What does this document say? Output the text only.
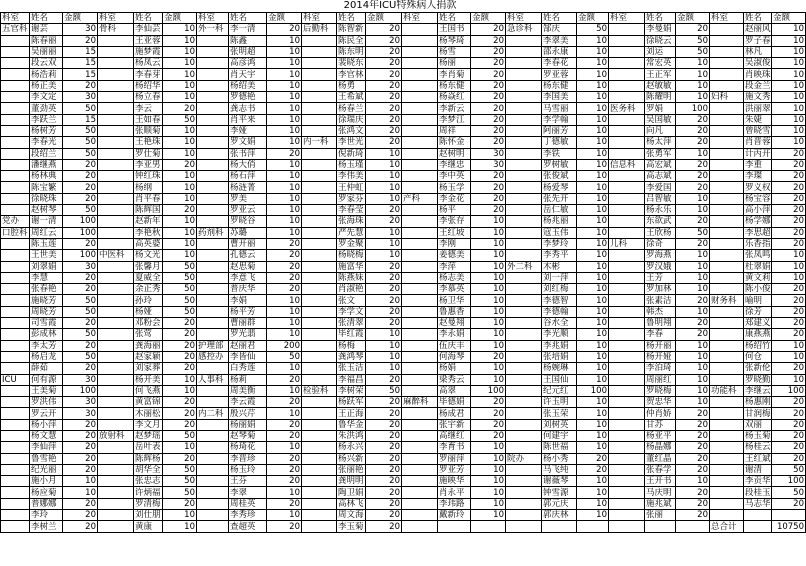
2014年ICU特殊病人捐款
科室	姓名	金额	科室	姓名	金额	科室	姓名	金额	科室	姓名	金额	科室	姓名	金额	科室	姓名	金额	科室	姓名	金额	科室	姓名	金额
五官科	谢芸	30	骨科	李仙芸	10	外一科	李一清	20	后勤科	陈智新	20		王国书	20	急诊科	郜庆	50		李曼娟	20		赵丽风	10
	陈春丽	20		王亚蓉	10		陈鑫	10		陈民全	20		杨琴琦	20		李翠美	10		徐晓云	50		罗子春	10
	吴丽丽	15		施梦霞	10		张明超	10		陈东明	20		杨雪	20		邵永康	10		刘运	50		林凡	10
	段云双	15		杨凤云	10		高彦鸿	10		裴晓东	20		杨丽	20		李春花	10		常宏英	10		吴淑俊	10
	杨浩莉	15		李春芽	10		肖天宇	10		李官林	20		李肖菊	20		罗亚蓉	10		王正军	10		肖映珠	10
	杨正美	20		杨绍华	10		杨绍美	10		杨勇	20		杨东健	20		杨东健	10		赵敏敏	10		段金兰	10
	李文定	30		杨立春	10		罗德艳	10		王希斌	20		杨焱红	20		李国美	10		陈耀明	10	妇科	施文秀	10
	董劲英	50		李云	20		龚志书	10		杨春兰	20		李新云	20		马雪丽	10	医务科	罗娟	100		洪丽翠	10
	李跃兰	15		王如春	50		肖平来	10		徐瑞庆	20		李梦江	20		李学翰	10		吴国敏	20		朱婕	10
	杨树芳	50		张顺菊	10		李娅	10		张鸿文	20		周祥	20		阿丽芳	10		向凡	20		曾晓雪	10
	李春光	50		王艳珠	10		罗文娟	10	内一科	李世光	20		陈怀金	20		丁德敏	10		杨太萍	20		肖晋蓉	10
	段绍兰	50		罗仕菊	10		张书萍	20		倪新琦	10		赵树明	30		李铁	10		张勇军	10		计丙开	20
	潘继燕	20		李亚男	20		杨大俏	10		杨玉瑾	10		李继忠	30		罗树敏	10	信息科	高宏斌	20		李重	20
	杨林典	20		钟红珠	10		杨石萍	10		李伟美	10		李中英	20		张俊斌	10		高志斌	20		李璨	20
	陈宝繁	20		杨纲	10		杨涟菁	10		王仲虹	10		杨玉学	20		杨爱琴	10		李爱国	20		罗义权	20
	徐晓珠	20		肖平春	10		罗美	10		罗家芬	10	产科	李金花	20		张先开	10		吕智敏	10		杨宝容	20
	赵树琴	50		陈辉国	20		罗亚云	10		李春莹	20		杨平	20		岳仁敏	10		杨永乐	10		高小萍	20
党办	谢一清	100		赵新年	10		罗晓谷	10		张海珠	20		李张存	10		杨兆丽	10		东欲武	20		杨学娜	20
口腔科	周红云	100		李艳秋	10	药剂科	苏璐	10		严先慧	10		王红坡	10		寇玉伟	10		王欣杨	50		李思超	20
	陈玉莲	20		高英婆	10		曹开丽	20		罗金聚	10		李刚	10		李梦玲	10	儿科	徐奇	20		乐香指	20
	王世美	100	中医科	杨文光	10		孔德云	20		杨晓梅	10		姜德美	10		李秀平	10		罗海燕	10		张凤鸣	10
	刘翠娟	30		张馨月	50		赵思菊	20		施富华	20		李萍	10	外二科	木彬	10		罗汉娥	10		杜翠娟	10
	李慧	20		夏威全	50		李意飞	20		陈燕妹	20		杨志美	10		刘一萍	10		王芳	10		黄文莉	10
	张春艳	20		余正秀	50		普庆华	20		肖淑艳	20		李慕英	10		刘红梅	10		罗加林	10		陈小俊	20
	施晓芳	50		孙玲	50		李娟	10		张文	20		杨卫华	10		李德智	10		张素洁	20	财务科	喻明	20
	周晓芳	50		杨娅	50		杨平芳	10		李学文	20		鲁惠香	10		李德翰	10		韩杰	10		徐芳	20
	司雪霞	20		邓粉会	20		曹丽群	10		张清翠	20		赵曼翔	10		谷水全	10		鲁明翔	20		郑建义	20
	彭成林	50		张莺	20		罗光翡	10		毕红霞	10		李永娟	10		李光顺	10		李春	20		康燕燕	20
	李太芳	20		龚海丽	20	护理部	赵丽君	200		杨梅	10		伍庆丰	10		李兆娟	10		杨开丽	10		杨绍竹	10
	杨启龙	50		赵家颖	20	感控办	李皆仙	50		龚鸿琴	10		何海琴	20		张培娟	10		杨开娅	10		何仓	10
	薛茹	20		刘家葬	20		白秀莲	10		张玉洁	10		杨娟	10		杨婉琳	10		李泊琦	10		张新伦	20
ICU	何有源	30		杨开美	10	人事科	杨莉	20		李福昌	20		梁秀云	10		王国仙	10		周丽红	10		罗晓勤	10
	王美菊	100		何飞燕	10		周美衡	10	检验科	李树荣	50		高翠	100		纪元红	100		罗晓梅	10	功能科	李继云	100
	罗洪伟	30		黄富锦	20		李云霞	20		杨跃军	20	麻醉科	毕德娟	20		许玉明	10		贺忠华	10		杨惠刚	20
	罗云开	30		木丽松	20	内二科	殷兴芹	10		王正海	20		杨成君	20		张玉荣	10		仲肖娇	20		甘润梅	20
	杨小萍	20		李文月	20		杨丽娟	20		鲁华金	20		张宇新	20		刘树英	10		甘苏	20		双丽	20
	杨文慧	20	放射科	赵梦瑶	50		赵琴菊	20		朱洪鸿	20		高继红	20		何建宇	10		杨亚平	20		杨玉菊	20
	李仙萍	20		岳叶表	10		杨琦花	10		杨永兴	20		李育书	10		陈世福	10		杨晶娜	20		杨桂云	20
	鲁雪艳	20		陈辉杨	20		李晋珍	20		杨兴新	20		罗丽萍	10	院办	杨小秀	20		董红晶	20		王红斌	20
	纪光丽	20		胡华全	50		杨玉玲	20		张丽艳	20		罗亚芳	10		马飞纯	20		张春学	20		谢清	50
	施小月	10		张忠志	50		王芬	20		龚明明	20		施映华	10		谢薇琴	10		王开书	10		李贡华	100
	杨应菊	10		许炳福	50		李翠	10		陶卫娟	20		肖永平	10		钟雪源	10		马庆明	20		段桂玉	50
	普娜娜	20		罗清梅	20		周桂英	20		高林飞	20		李玮路	10		郭元庆	10		施兆斌	20		马志华	20
	李玲	20		刘仕朋	10		李秀珍	10		周文海	20		戴新玲	10		郭庆林	10		张丽	20			
	李树兰	20		黄康	10		查超英	20		李玉菊	20										总合计		10750
